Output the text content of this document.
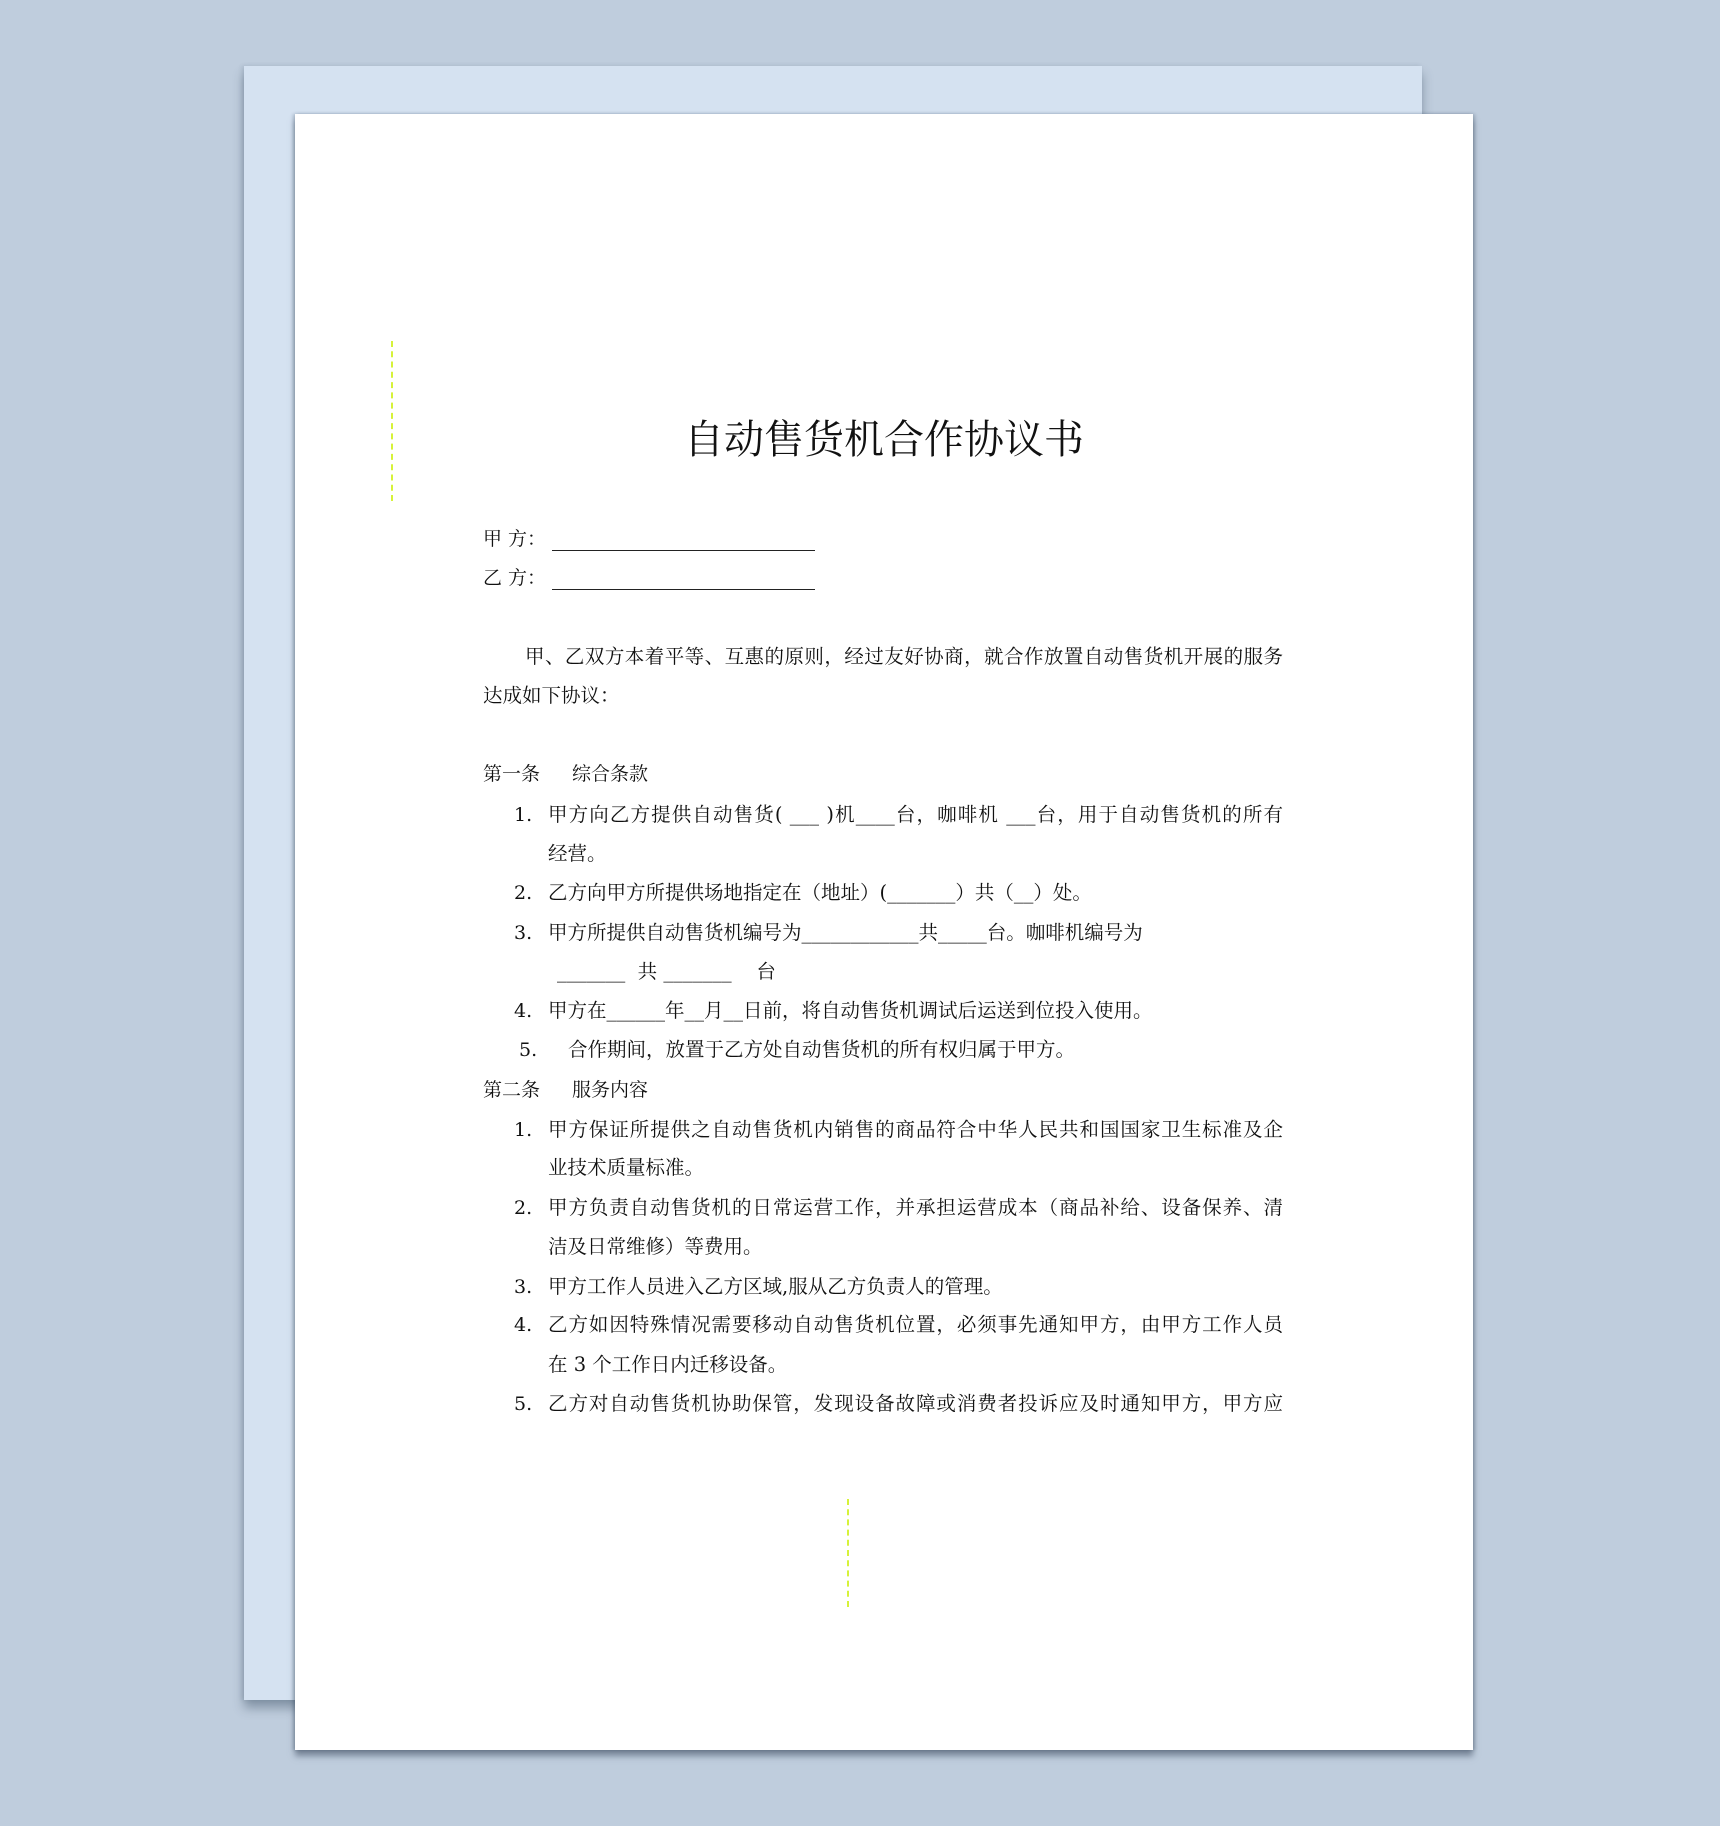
自动售货机合作协议书
甲 方：
乙 方：
甲、乙双方本着平等、互惠的原则，经过友好协商，就合作放置自动售货机开展的服务
达成如下协议：
第一条 综合条款
1. 甲方向乙方提供自动售货( ___ )机____台，咖啡机 ___台，用于自动售货机的所有
经营。
2. 乙方向甲方所提供场地指定在（地址）(_______）共（__）处。
3. 甲方所提供自动售货机编号为____________共_____台。咖啡机编号为
_______  共 _______    台
4. 甲方在______年__月__日前，将自动售货机调试后运送到位投入使用。
5. 合作期间，放置于乙方处自动售货机的所有权归属于甲方。
第二条 服务内容
1. 甲方保证所提供之自动售货机内销售的商品符合中华人民共和国国家卫生标准及企
业技术质量标准。
2. 甲方负责自动售货机的日常运营工作，并承担运营成本（商品补给、设备保养、清
洁及日常维修）等费用。
3. 甲方工作人员进入乙方区域,服从乙方负责人的管理。
4. 乙方如因特殊情况需要移动自动售货机位置，必须事先通知甲方，由甲方工作人员
在 3 个工作日内迁移设备。
5. 乙方对自动售货机协助保管，发现设备故障或消费者投诉应及时通知甲方，甲方应
